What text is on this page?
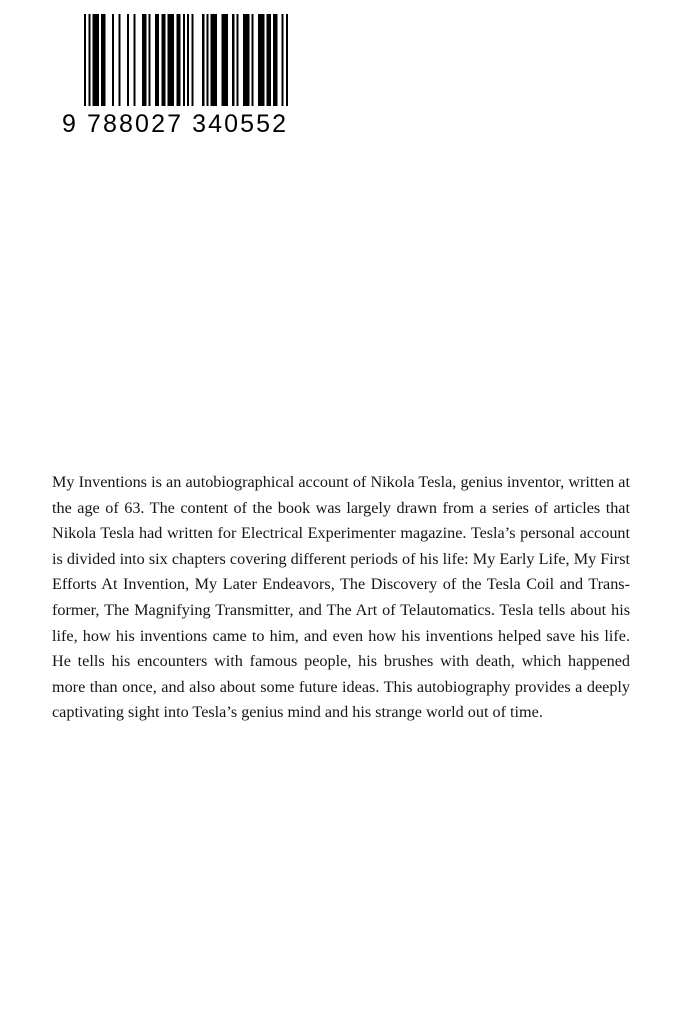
9 788027 340552

My Inventions is an autobiographical account of Nikola Tesla, genius inventor, written at the age of 63. The content of the book was largely drawn from a series of articles that Nikola Tesla had written for Electrical Experimenter magazine. Tesla’s personal account is divided into six chapters covering different periods of his life: My Early Life, My First Efforts At Invention, My Later Endeavors, The Discovery of the Tesla Coil and Transformer, The Magnifying Transmitter, and The Art of Telautomatics. Tesla tells about his life, how his inventions came to him, and even how his inventions helped save his life. He tells his encounters with famous people, his brushes with death, which happened more than once, and also about some future ideas. This autobiography provides a deeply captivating sight into Tesla’s genius mind and his strange world out of time.
